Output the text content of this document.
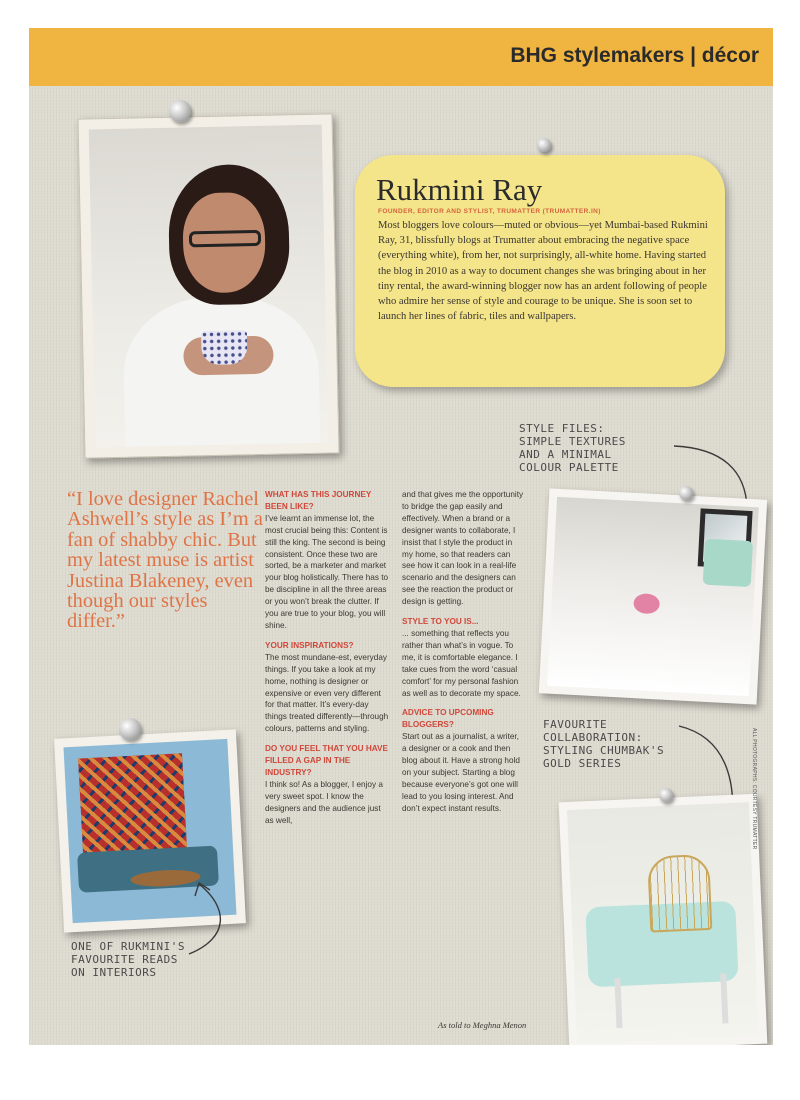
BHG stylemakers | décor
Rukmini Ray
FOUNDER, EDITOR AND STYLIST, TRUMATTER (TRUMATTER.IN)
Most bloggers love colours—muted or obvious—yet Mumbai-based Rukmini Ray, 31, blissfully blogs at Trumatter about embracing the negative space (everything white), from her, not surprisingly, all-white home. Having started the blog in 2010 as a way to document changes she was bringing about in her tiny rental, the award-winning blogger now has an ardent following of people who admire her sense of style and courage to be unique. She is soon set to launch her lines of fabric, tiles and wallpapers.
STYLE FILES:
SIMPLE TEXTURES
AND A MINIMAL
COLOUR PALETTE
“I love designer Rachel Ashwell’s style as I’m a fan of shabby chic. But my latest muse is artist Justina Blakeney, even though our styles differ.”
WHAT HAS THIS JOURNEY BEEN LIKE?

I’ve learnt an immense lot, the most crucial being this: Content is still the king. The second is being consistent. Once these two are sorted, be a marketer and market your blog holistically. There has to be discipline in all the three areas or you won’t break the clutter. If you are true to your blog, you will shine.

YOUR INSPIRATIONS?

The most mundane-est, everyday things. If you take a look at my home, nothing is designer or expensive or even very different for that matter. It’s every-day things treated differently—through colours, patterns and styling.

DO YOU FEEL THAT YOU HAVE FILLED A GAP IN THE INDUSTRY?

I think so! As a blogger, I enjoy a very sweet spot. I know the designers and the audience just as well,

and that gives me the opportunity to bridge the gap easily and effectively. When a brand or a designer wants to collaborate, I insist that I style the product in my home, so that readers can see how it can look in a real-life scenario and the designers can see the reaction the product or design is getting.

STYLE TO YOU IS...

... something that reflects you rather than what’s in vogue. To me, it is comfortable elegance. I take cues from the word ‘casual comfort’ for my personal fashion as well as to decorate my space.

ADVICE TO UPCOMING BLOGGERS?

Start out as a journalist, a writer, a designer or a cook and then blog about it. Have a strong hold on your subject. Starting a blog because everyone’s got one will lead to you losing interest. And don’t expect instant results.

As told to Meghna Menon
ONE OF RUKMINI'S
FAVOURITE READS
ON INTERIORS
FAVOURITE
COLLABORATION:
STYLING CHUMBAK'S
GOLD SERIES	ALL PHOTOGRAPHS: COURTESY TRUMATTER
